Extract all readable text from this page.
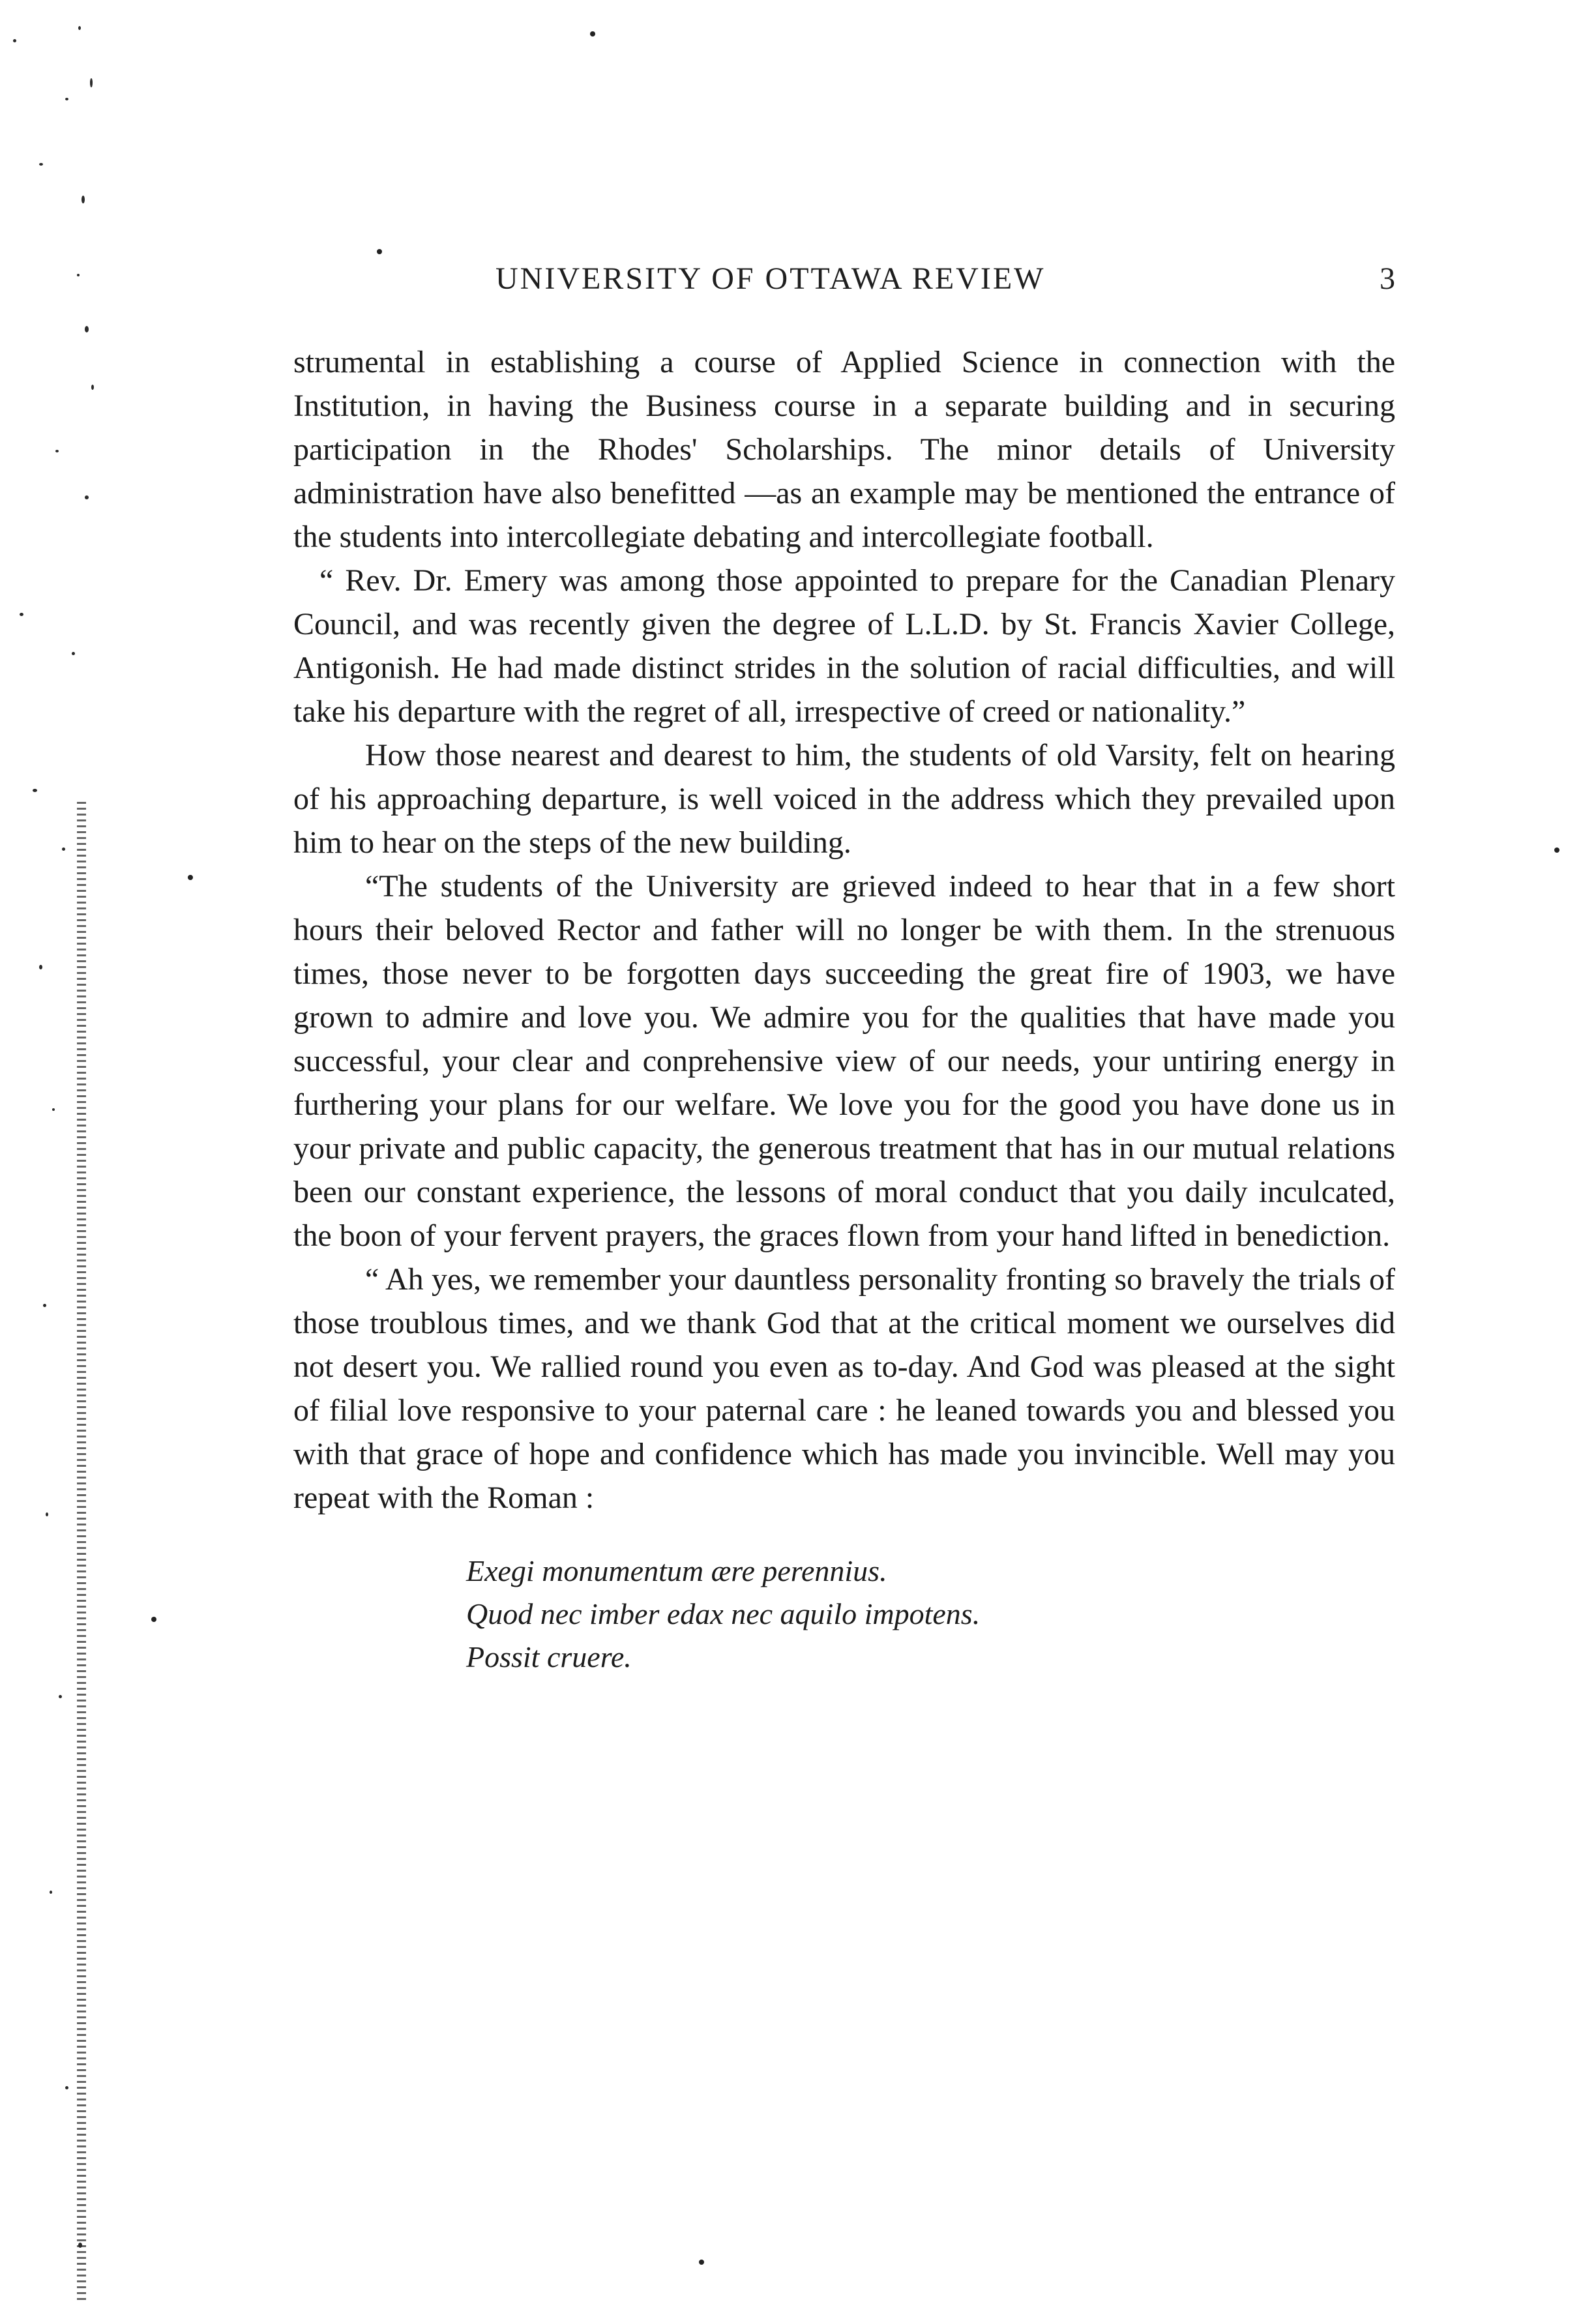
UNIVERSITY OF OTTAWA REVIEW	3

strumental in establishing a course of Applied Science in connection with the Institution, in having the Business course in a separate building and in securing participation in the Rhodes' Scholarships. The minor details of University administration have also benefitted —as an example may be mentioned the entrance of the students into intercollegiate debating and intercollegiate football.

“ Rev. Dr. Emery was among those appointed to prepare for the Canadian Plenary Council, and was recently given the degree of L.L.D. by St. Francis Xavier College, Antigonish. He had made distinct strides in the solution of racial difficulties, and will take his departure with the regret of all, irrespective of creed or nationality.”

How those nearest and dearest to him, the students of old Varsity, felt on hearing of his approaching departure, is well voiced in the address which they prevailed upon him to hear on the steps of the new building.

“The students of the University are grieved indeed to hear that in a few short hours their beloved Rector and father will no longer be with them. In the strenuous times, those never to be forgotten days succeeding the great fire of 1903, we have grown to admire and love you. We admire you for the qualities that have made you successful, your clear and conprehensive view of our needs, your untiring energy in furthering your plans for our welfare. We love you for the good you have done us in your private and public capacity, the generous treatment that has in our mutual relations been our constant experience, the lessons of moral conduct that you daily inculcated, the boon of your fervent prayers, the graces flown from your hand lifted in benediction.

“ Ah yes, we remember your dauntless personality fronting so bravely the trials of those troublous times, and we thank God that at the critical moment we ourselves did not desert you. We rallied round you even as to-day. And God was pleased at the sight of filial love responsive to your paternal care : he leaned towards you and blessed you with that grace of hope and confidence which has made you invincible. Well may you repeat with the Roman :

Exegi monumentum ære perennius.
Quod nec imber edax nec aquilo impotens.
Possit cruere.
